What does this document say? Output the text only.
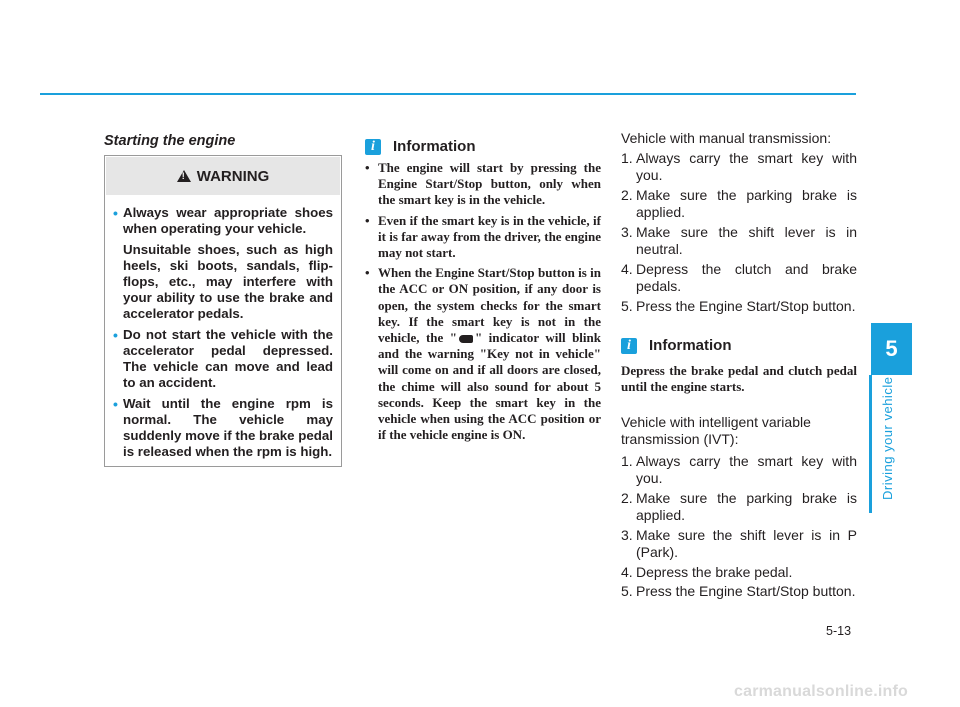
5
Driving your vehicle
Starting the engine
!
WARNING
• Always wear appropriate shoes when operating your vehicle.

Unsuitable shoes, such as high heels, ski boots, sandals, flip-flops, etc., may interfere with your ability to use the brake and accelerator pedals.

• Do not start the vehicle with the accelerator pedal depressed. The vehicle can move and lead to an accident.

• Wait until the engine rpm is normal. The vehicle may suddenly move if the brake pedal is released when the rpm is high.

i	Information
• The engine will start by pressing the Engine Start/Stop button, only when the smart key is in the vehicle.
• Even if the smart key is in the vehicle, if it is far away from the driver, the engine may not start.
• When the Engine Start/Stop button is in the ACC or ON position, if any door is open, the system checks for the smart key. If the smart key is not in the vehicle, the " " indicator will blink and the warning "Key not in vehicle" will come on and if all doors are closed, the chime will also sound for about 5 seconds. Keep the smart key in the vehicle when using the ACC position or if the vehicle engine is ON.
Vehicle with manual transmission:
1. Always carry the smart key with you.
2. Make sure the parking brake is applied.
3. Make sure the shift lever is in neutral.
4. Depress the clutch and brake pedals.
5. Press the Engine Start/Stop button.
i	Information
Depress the brake pedal and clutch pedal until the engine starts.
Vehicle with intelligent variable transmission (IVT):
1. Always carry the smart key with you.
2. Make sure the parking brake is applied.
3. Make sure the shift lever is in P (Park).
4. Depress the brake pedal.
5. Press the Engine Start/Stop button.
5-13
carmanualsonline.info
